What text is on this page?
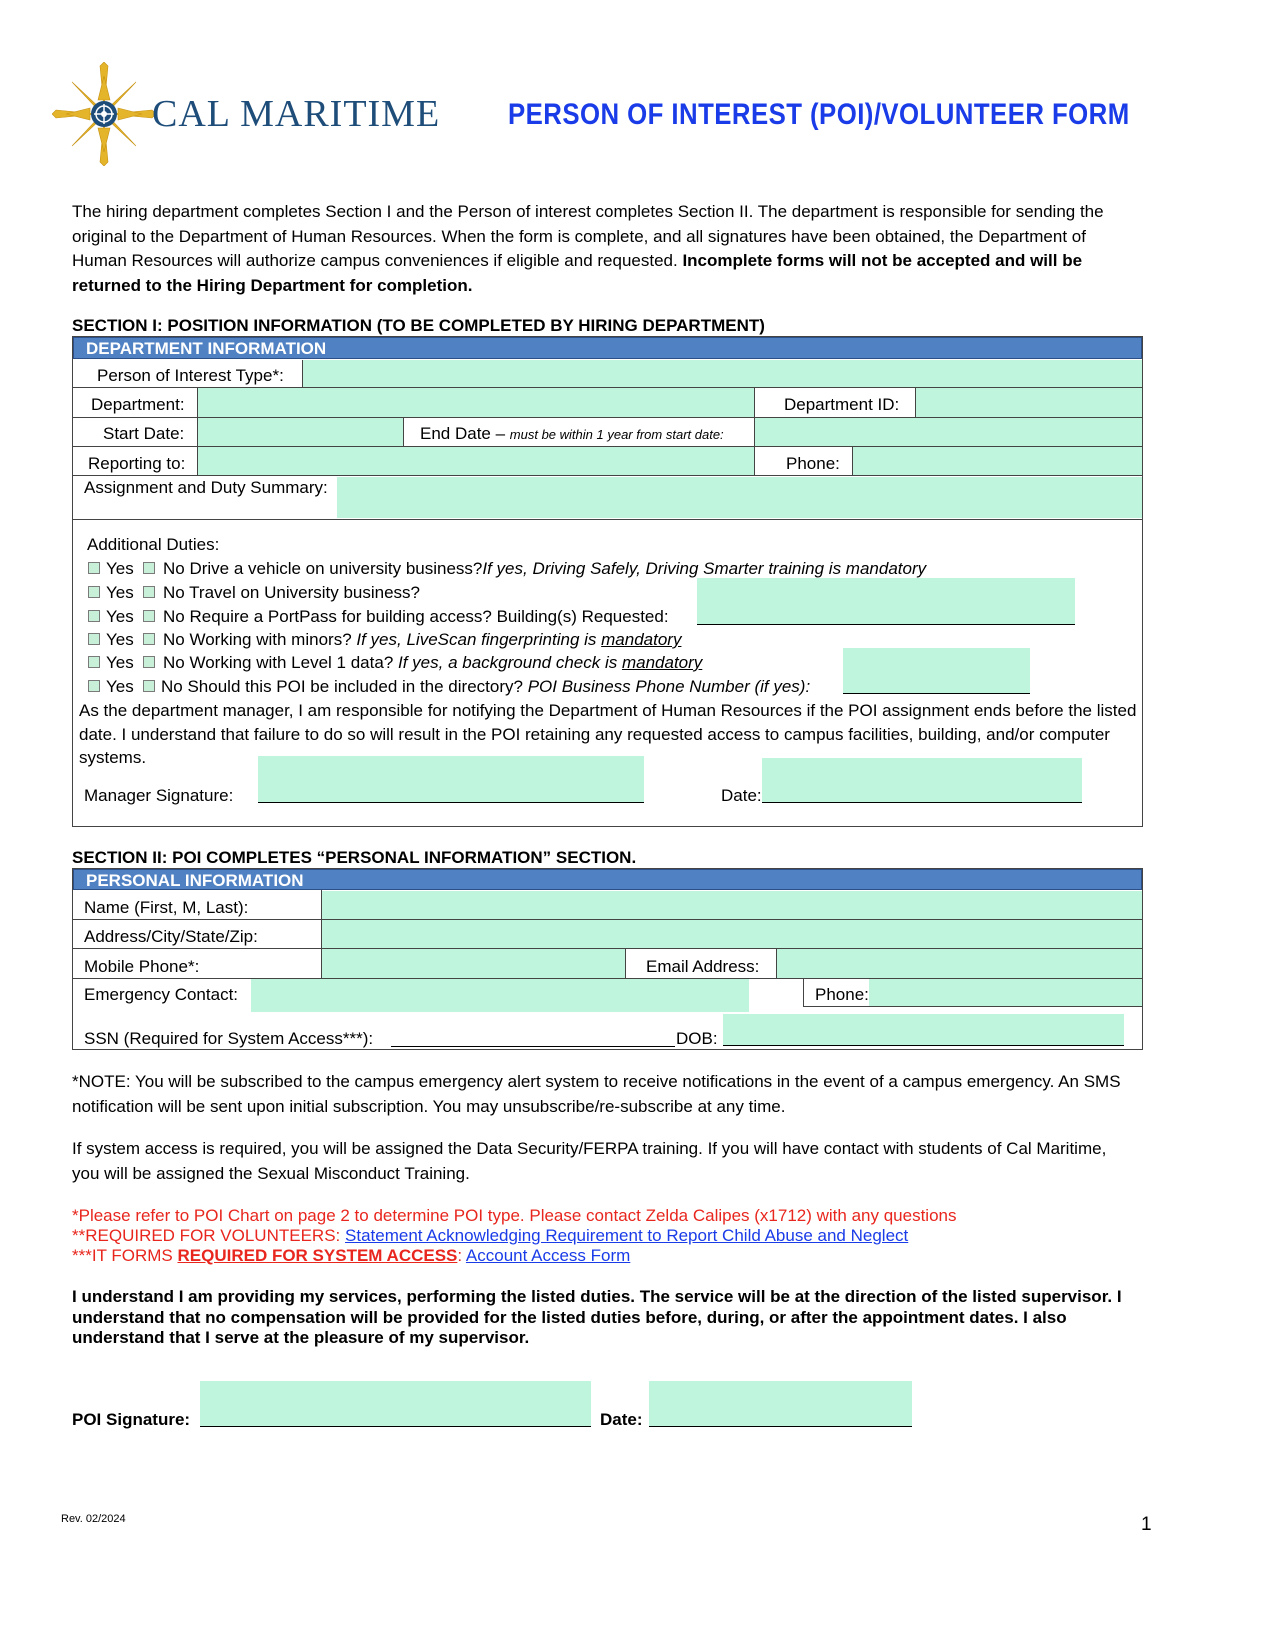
CAL MARITIME PERSON OF INTEREST (POI)/VOLUNTEER FORM
The hiring department completes Section I and the Person of interest completes Section II. The department is responsible for sending the original to the Department of Human Resources. When the form is complete, and all signatures have been obtained, the Department of Human Resources will authorize campus conveniences if eligible and requested. Incomplete forms will not be accepted and will be returned to the Hiring Department for completion.
SECTION I: POSITION INFORMATION (TO BE COMPLETED BY HIRING DEPARTMENT)
DEPARTMENT INFORMATION
Person of Interest Type*:
Department:	Department ID:
Start Date:	End Date – must be within 1 year from start date:
Reporting to:	Phone:
Assignment and Duty Summary:
Additional Duties:
Yes No Drive a vehicle on university business?If yes, Driving Safely, Driving Smarter training is mandatory
Yes No Travel on University business?
Yes No Require a PortPass for building access? Building(s) Requested:
Yes No Working with minors? If yes, LiveScan fingerprinting is mandatory
Yes No Working with Level 1 data? If yes, a background check is mandatory
Yes No Should this POI be included in the directory? POI Business Phone Number (if yes):
As the department manager, I am responsible for notifying the Department of Human Resources if the POI assignment ends before the listed date. I understand that failure to do so will result in the POI retaining any requested access to campus facilities, building, and/or computer systems.
Manager Signature:	Date:
SECTION II: POI COMPLETES “PERSONAL INFORMATION” SECTION.
PERSONAL INFORMATION
Name (First, M, Last):
Address/City/State/Zip:
Mobile Phone*:	Email Address:
Emergency Contact:	Phone:
SSN (Required for System Access***):	DOB:
*NOTE: You will be subscribed to the campus emergency alert system to receive notifications in the event of a campus emergency. An SMS notification will be sent upon initial subscription. You may unsubscribe/re-subscribe at any time.
If system access is required, you will be assigned the Data Security/FERPA training. If you will have contact with students of Cal Maritime, you will be assigned the Sexual Misconduct Training.
*Please refer to POI Chart on page 2 to determine POI type. Please contact Zelda Calipes (x1712) with any questions
**REQUIRED FOR VOLUNTEERS: Statement Acknowledging Requirement to Report Child Abuse and Neglect
***IT FORMS REQUIRED FOR SYSTEM ACCESS: Account Access Form
I understand I am providing my services, performing the listed duties. The service will be at the direction of the listed supervisor. I understand that no compensation will be provided for the listed duties before, during, or after the appointment dates. I also understand that I serve at the pleasure of my supervisor.
POI Signature:	Date:
Rev. 02/2024	1
